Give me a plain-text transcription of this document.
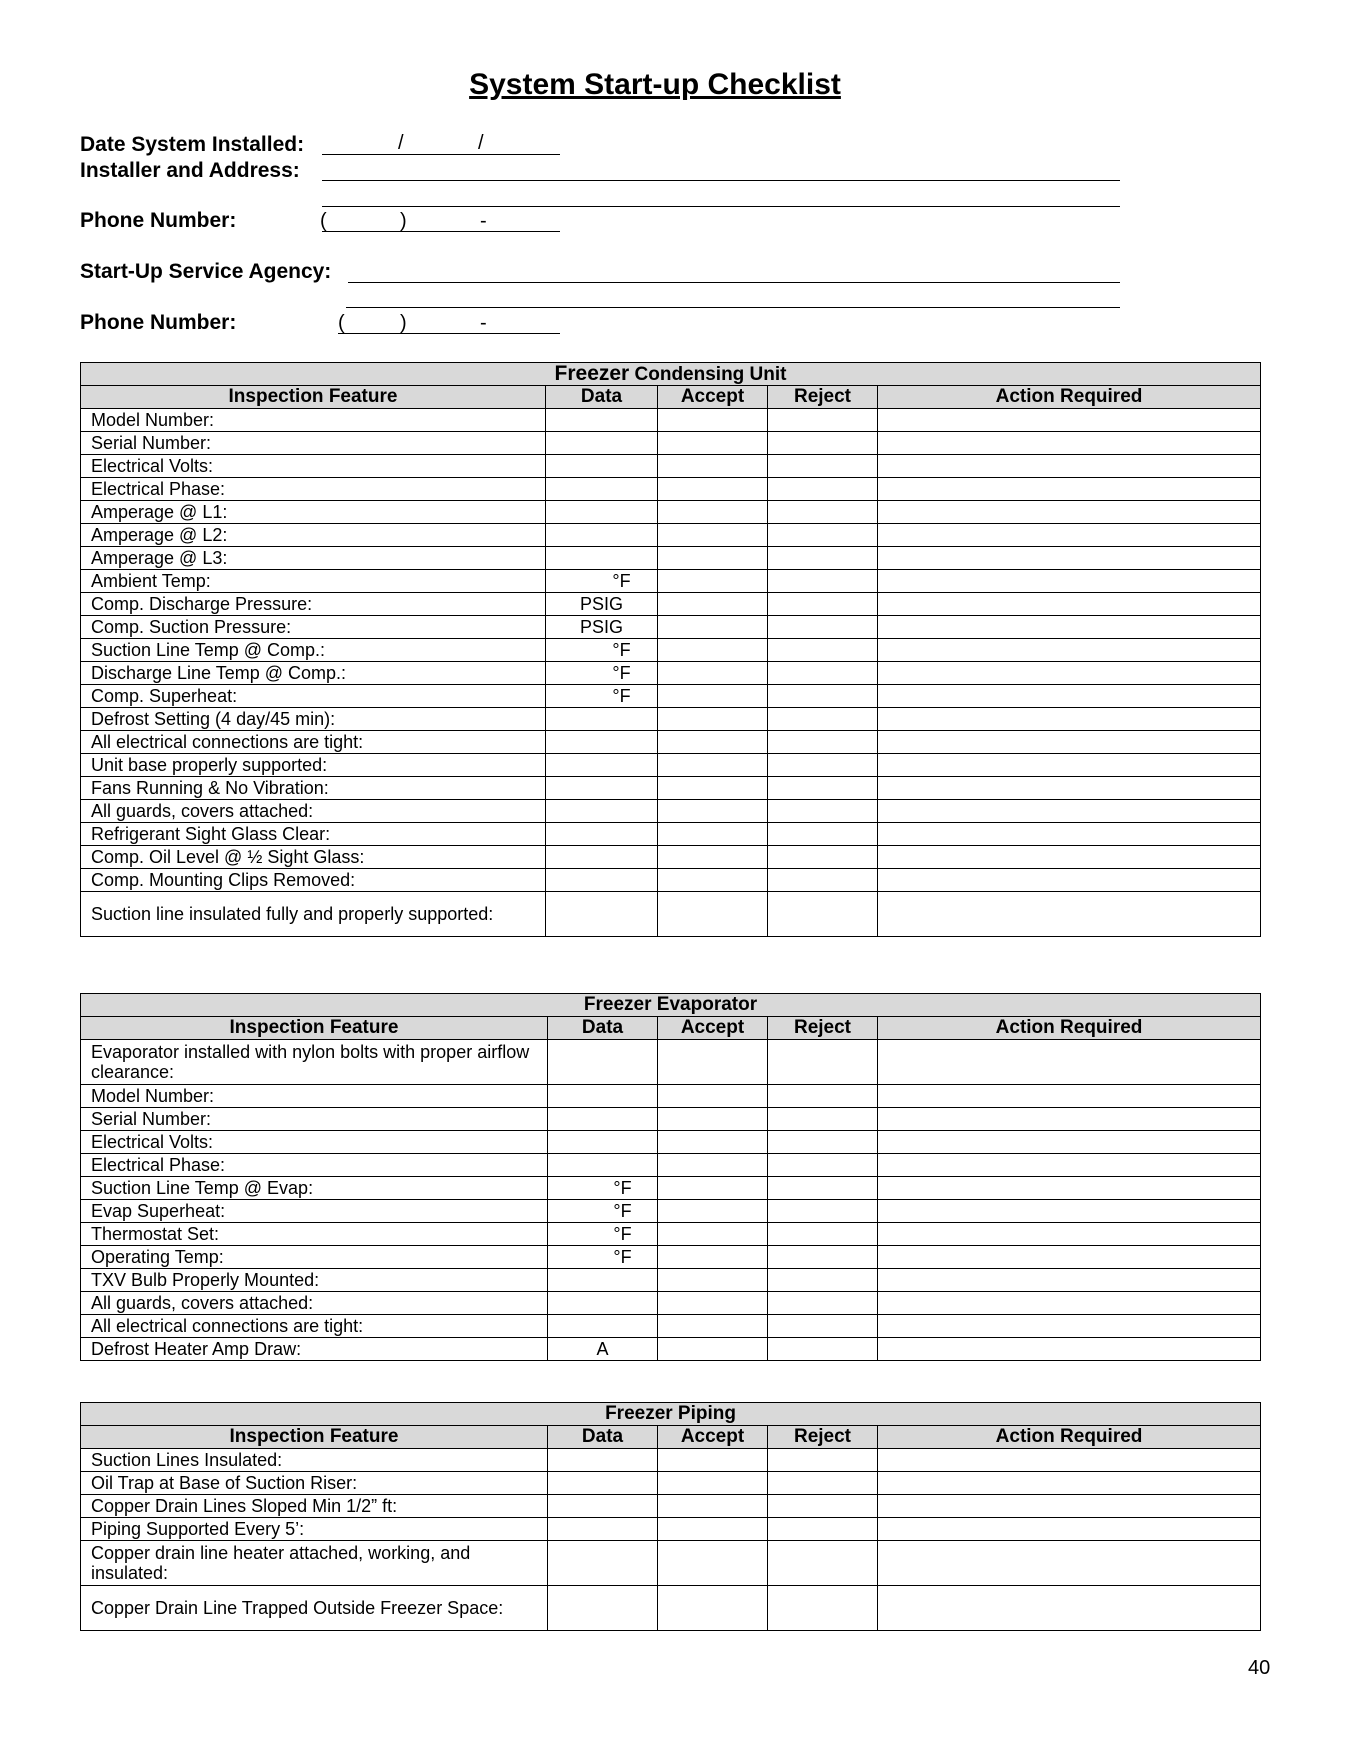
System Start-up Checklist
Date System Installed:	/	/
Installer and Address:
Phone Number:	(	)	-
Start-Up Service Agency:
Phone Number:	(	)	-
Freezer Condensing Unit				
Inspection Feature	Data	Accept	Reject	Action Required
Model Number:				
Serial Number:				
Electrical Volts:				
Electrical Phase:				
Amperage @ L1:				
Amperage @ L2:				
Amperage @ L3:				
Ambient Temp:	°F			
Comp. Discharge Pressure:	PSIG			
Comp. Suction Pressure:	PSIG			
Suction Line Temp @ Comp.:	°F			
Discharge Line Temp @ Comp.:	°F			
Comp. Superheat:	°F			
Defrost Setting (4 day/45 min):				
All electrical connections are tight:				
Unit base properly supported:				
Fans Running & No Vibration:				
All guards, covers attached:				
Refrigerant Sight Glass Clear:				
Comp. Oil Level @ ½ Sight Glass:				
Comp. Mounting Clips Removed:				
Suction line insulated fully and properly supported:				
Freezer Evaporator				
Inspection Feature	Data	Accept	Reject	Action Required
Evaporator installed with nylon bolts with proper airflow clearance:				
Model Number:				
Serial Number:				
Electrical Volts:				
Electrical Phase:				
Suction Line Temp @ Evap:	°F			
Evap Superheat:	°F			
Thermostat Set:	°F			
Operating Temp:	°F			
TXV Bulb Properly Mounted:				
All guards, covers attached:				
All electrical connections are tight:				
Defrost Heater Amp Draw:	A			
Freezer Piping				
Inspection Feature	Data	Accept	Reject	Action Required
Suction Lines Insulated:				
Oil Trap at Base of Suction Riser:				
Copper Drain Lines Sloped Min 1/2” ft:				
Piping Supported Every 5’:				
Copper drain line heater attached, working, and insulated:				
Copper Drain Line Trapped Outside Freezer Space:				
40
